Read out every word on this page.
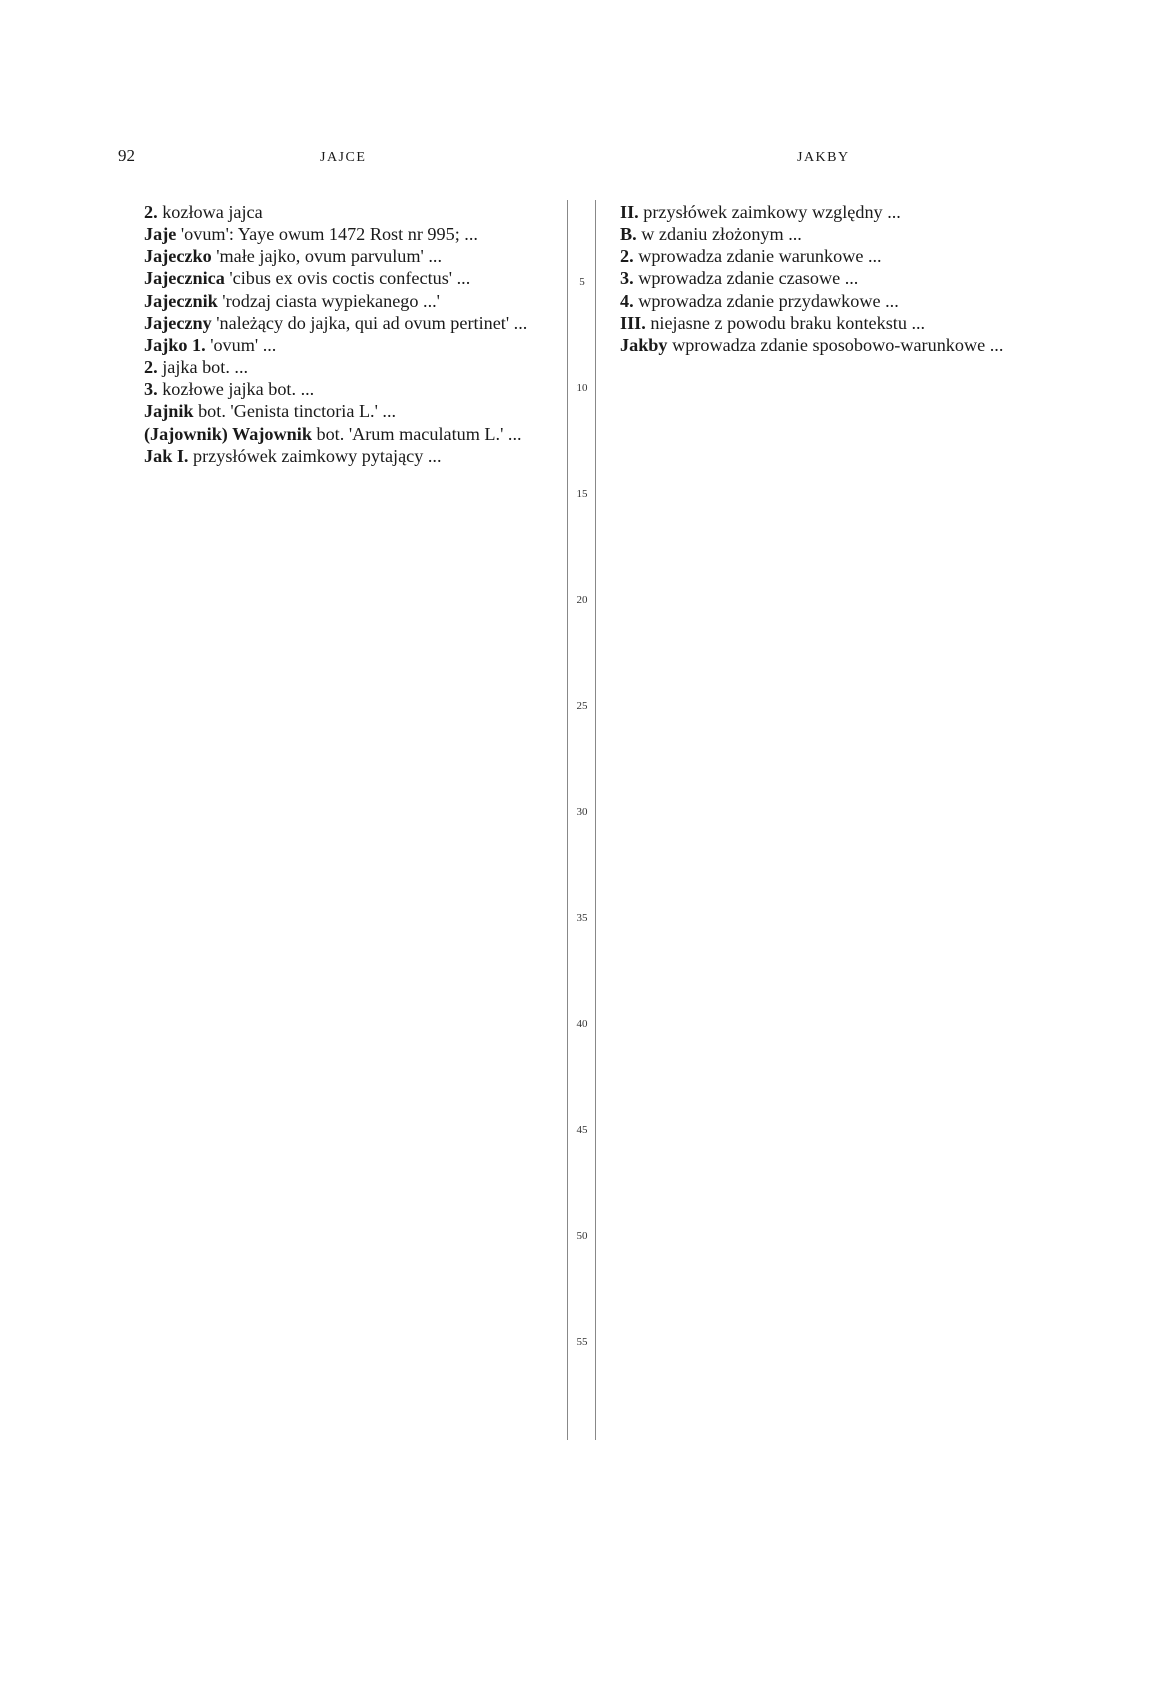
92	JAJCE	JAKBY
5
10
15
20
25
30
35
40
45
50
55

2. kozłowa jajca

Jaje 'ovum': Yaye owum 1472 Rost nr 995; ...

Jajeczko 'małe jajko, ovum parvulum' ...

Jajecznica 'cibus ex ovis coctis confectus' ...

Jajecznik 'rodzaj ciasta wypiekanego ...'

Jajeczny 'należący do jajka, qui ad ovum pertinet' ...

Jajko 1. 'ovum' ...

2. jajka bot. ...

3. kozłowe jajka bot. ...

Jajnik bot. 'Genista tinctoria L.' ...

(Jajownik) Wajownik bot. 'Arum maculatum L.' ...

Jak I. przysłówek zaimkowy pytający ...

II. przysłówek zaimkowy względny ...

B. w zdaniu złożonym ...

2. wprowadza zdanie warunkowe ...

3. wprowadza zdanie czasowe ...

4. wprowadza zdanie przydawkowe ...

III. niejasne z powodu braku kontekstu ...

Jakby wprowadza zdanie sposobowo-warunkowe ...
